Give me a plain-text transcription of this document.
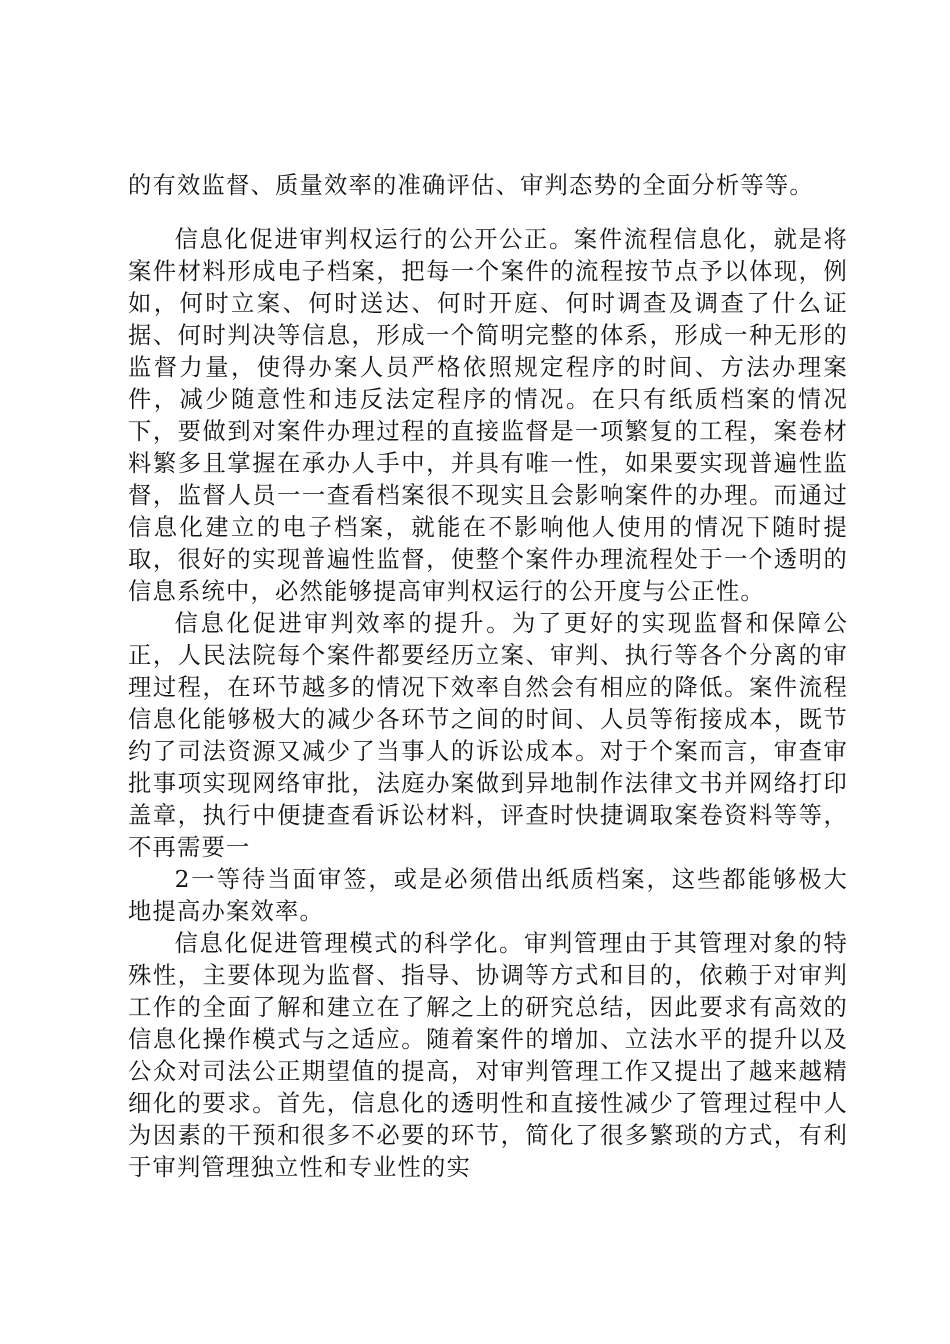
的有效监督、质量效率的准确评估、审判态势的全面分析等等。

信息化促进审判权运行的公开公正。案件流程信息化，就是将案件材料形成电子档案，把每一个案件的流程按节点予以体现，例如，何时立案、何时送达、何时开庭、何时调查及调查了什么证据、何时判决等信息，形成一个简明完整的体系，形成一种无形的监督力量，使得办案人员严格依照规定程序的时间、方法办理案件，减少随意性和违反法定程序的情况。在只有纸质档案的情况下，要做到对案件办理过程的直接监督是一项繁复的工程，案卷材料繁多且掌握在承办人手中，并具有唯一性，如果要实现普遍性监督，监督人员一一查看档案很不现实且会影响案件的办理。而通过信息化建立的电子档案，就能在不影响他人使用的情况下随时提取，很好的实现普遍性监督，使整个案件办理流程处于一个透明的信息系统中，必然能够提高审判权运行的公开度与公正性。

信息化促进审判效率的提升。为了更好的实现监督和保障公正，人民法院每个案件都要经历立案、审判、执行等各个分离的审理过程，在环节越多的情况下效率自然会有相应的降低。案件流程信息化能够极大的减少各环节之间的时间、人员等衔接成本，既节约了司法资源又减少了当事人的诉讼成本。对于个案而言，审查审批事项实现网络审批，法庭办案做到异地制作法律文书并网络打印盖章，执行中便捷查看诉讼材料，评查时快捷调取案卷资料等等，不再需要一

2一等待当面审签，或是必须借出纸质档案，这些都能够极大地提高办案效率。

信息化促进管理模式的科学化。审判管理由于其管理对象的特殊性，主要体现为监督、指导、协调等方式和目的，依赖于对审判工作的全面了解和建立在了解之上的研究总结，因此要求有高效的信息化操作模式与之适应。随着案件的增加、立法水平的提升以及公众对司法公正期望值的提高，对审判管理工作又提出了越来越精细化的要求。首先，信息化的透明性和直接性减少了管理过程中人为因素的干预和很多不必要的环节，简化了很多繁琐的方式，有利于审判管理独立性和专业性的实
